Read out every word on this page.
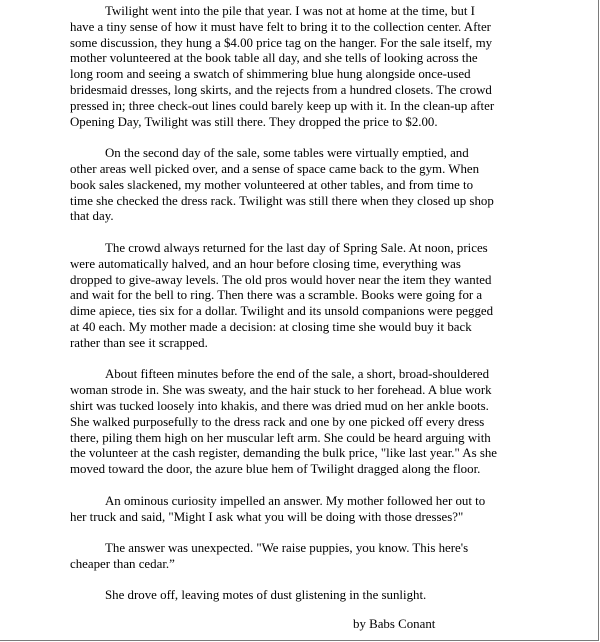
Twilight went into the pile that year. I was not at home at the time, but I have a tiny sense of how it must have felt to bring it to the collection center. After some discussion, they hung a $4.00 price tag on the hanger. For the sale itself, my mother volunteered at the book table all day, and she tells of looking across the long room and seeing a swatch of shimmering blue hung alongside once-used bridesmaid dresses, long skirts, and the rejects from a hundred closets. The crowd pressed in; three check-out lines could barely keep up with it. In the clean-up after Opening Day, Twilight was still there. They dropped the price to $2.00.

On the second day of the sale, some tables were virtually emptied, and other areas well picked over, and a sense of space came back to the gym. When book sales slackened, my mother volunteered at other tables, and from time to time she checked the dress rack. Twilight was still there when they closed up shop that day.

The crowd always returned for the last day of Spring Sale. At noon, prices were automatically halved, and an hour before closing time, everything was dropped to give-away levels. The old pros would hover near the item they wanted and wait for the bell to ring. Then there was a scramble. Books were going for a dime apiece, ties six for a dollar. Twilight and its unsold companions were pegged at 40 each. My mother made a decision: at closing time she would buy it back rather than see it scrapped.

About fifteen minutes before the end of the sale, a short, broad-shouldered woman strode in. She was sweaty, and the hair stuck to her forehead. A blue work shirt was tucked loosely into khakis, and there was dried mud on her ankle boots. She walked purposefully to the dress rack and one by one picked off every dress there, piling them high on her muscular left arm. She could be heard arguing with the volunteer at the cash register, demanding the bulk price, "like last year." As she moved toward the door, the azure blue hem of Twilight dragged along the floor.

An ominous curiosity impelled an answer. My mother followed her out to her truck and said, "Might I ask what you will be doing with those dresses?"

The answer was unexpected. "We raise puppies, you know. This here's cheaper than cedar.”

She drove off, leaving motes of dust glistening in the sunlight.

by Babs Conant
